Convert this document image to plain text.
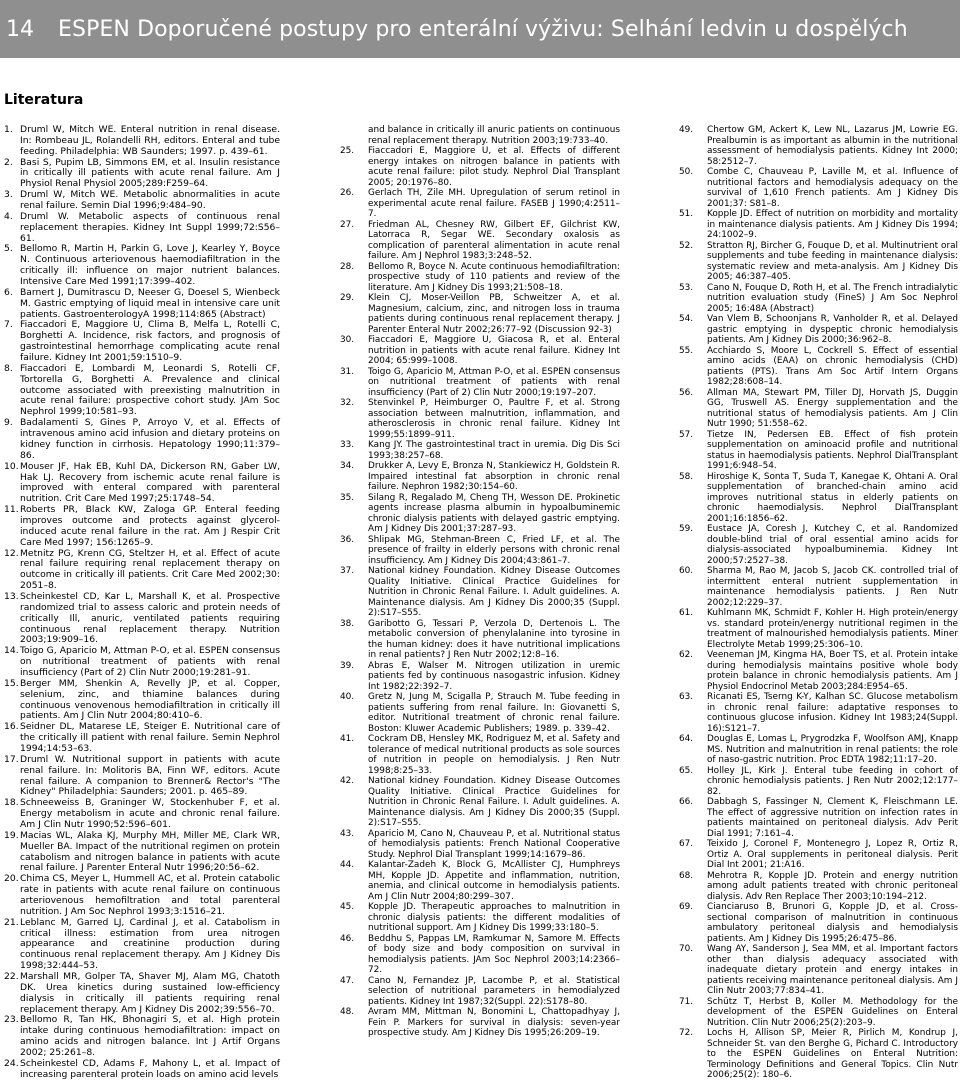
14	ESPEN Doporučené postupy pro enterální výživu: Selhání ledvin u dospělých
Literatura
1. Druml W, Mitch WE. Enteral nutrition in renal disease. In: Rombeau JL, Rolandelli RH, editors. Enteral and tube feeding. Philadelphia: WB Saunders; 1997. p. 439–61.
2. Basi S, Pupim LB, Simmons EM, et al. Insulin resistance in critically ill patients with acute renal failure. Am J Physiol Renal Physiol 2005;289:F259–64.
3. Druml W, Mitch WE. Metabolic abnormalities in acute renal failure. Semin Dial 1996;9:484–90.
4. Druml W. Metabolic aspects of continuous renal replacement therapies. Kidney Int Suppl 1999;72:S56–61.
5. Bellomo R, Martin H, Parkin G, Love J, Kearley Y, Boyce N. Continuous arteriovenous haemodiafiltration in the critically ill: influence on major nutrient balances. Intensive Care Med 1991;17:399–402.
6. Barnert J, Dumitrascu D, Neeser G, Doesel S, Wienbeck M. Gastric emptying of liquid meal in intensive care unit patients. GastroenterologyA 1998;114:865 (Abstract)
7. Fiaccadori E, Maggiore U, Clima B, Melfa L, Rotelli C, Borghetti A. Incidence, risk factors, and prognosis of gastrointestinal hemorrhage complicating acute renal failure. Kidney Int 2001;59:1510–9.
8. Fiaccadori E, Lombardi M, Leonardi S, Rotelli CF, Tortorella G, Borghetti A. Prevalence and clinical outcome associated with preexisting malnutrition in acute renal failure: prospective cohort study. JAm Soc Nephrol 1999;10:581–93.
9. Badalamenti S, Gines P, Arroyo V, et al. Effects of intravenous amino acid infusion and dietary proteins on kidney function in cirrhosis. Hepatology 1990;11:379–86.
10. Mouser JF, Hak EB, Kuhl DA, Dickerson RN, Gaber LW, Hak LJ. Recovery from ischemic acute renal failure is improved with enteral compared with parenteral nutrition. Crit Care Med 1997;25:1748–54.
11. Roberts PR, Black KW, Zaloga GP. Enteral feeding improves outcome and protects against glycerol-induced acute renal failure in the rat. Am J Respir Crit Care Med 1997; 156:1265–9.
12. Metnitz PG, Krenn CG, Steltzer H, et al. Effect of acute renal failure requiring renal replacement therapy on outcome in critically ill patients. Crit Care Med 2002;30: 2051–8.
13. Scheinkestel CD, Kar L, Marshall K, et al. Prospective randomized trial to assess caloric and protein needs of critically Ill, anuric, ventilated patients requiring continuous renal replacement therapy. Nutrition 2003;19:909–16.
14. Toigo G, Aparicio M, Attman P-O, et al. ESPEN consensus on nutritional treatment of patients with renal insufficiency (Part of 2) Clin Nutr 2000;19:281–91.
15. Berger MM, Shenkin A, Revelly JP, et al. Copper, selenium, zinc, and thiamine balances during continuous venovenous hemodiafiltration in critically ill patients. Am J Clin Nutr 2004;80:410–6.
16. Seidner DL, Matarese LE, Steiger E. Nutritional care of the critically ill patient with renal failure. Semin Nephrol 1994;14:53–63.
17. Druml W. Nutritional support in patients with acute renal failure. In: Molitoris BA, Finn WF, editors. Acute renal failure. A companion to Brenner& Rector's "The Kidney" Philadelphia: Saunders; 2001. p. 465–89.
18. Schneeweiss B, Graninger W, Stockenhuber F, et al. Energy metabolism in acute and chronic renal failure. Am J Clin Nutr 1990;52:596–601.
19. Macias WL, Alaka KJ, Murphy MH, Miller ME, Clark WR, Mueller BA. Impact of the nutritional regimen on protein catabolism and nitrogen balance in patients with acute renal failure. J Parenter Enteral Nutr 1996;20:56–62.
20. Chima CS, Meyer L, Hummell AC, et al. Protein catabolic rate in patients with acute renal failure on continuous arteriovenous hemofiltration and total parenteral nutrition. J Am Soc Nephrol 1993;3:1516–21.
21. Leblanc M, Garred LJ, Cardinal J, et al. Catabolism in critical illness: estimation from urea nitrogen appearance and creatinine production during continuous renal replacement therapy. Am J Kidney Dis 1998;32:444–53.
22. Marshall MR, Golper TA, Shaver MJ, Alam MG, Chatoth DK. Urea kinetics during sustained low-efficiency dialysis in critically ill patients requiring renal replacement therapy. Am J Kidney Dis 2002;39:556–70.
23. Bellomo R, Tan HK, Bhonagiri S, et al. High protein intake during continuous hemodiafiltration: impact on amino acids and nitrogen balance. Int J Artif Organs 2002; 25:261–8.
24. Scheinkestel CD, Adams F, Mahony L, et al. Impact of increasing parenteral protein loads on amino acid levels
and balance in critically ill anuric patients on continuous renal replacement therapy. Nutrition 2003;19:733–40.
25.	Fiaccadori E, Maggiore U, et al. Effects of different energy intakes on nitrogen balance in patients with acute renal failure: pilot study. Nephrol Dial Transplant 2005; 20:1976–80.
26.	Gerlach TH, Zile MH. Upregulation of serum retinol in experimental acute renal failure. FASEB J 1990;4:2511–7.
27.	Friedman AL, Chesney RW, Gilbert EF, Gilchrist KW, Latorraca R, Segar WE. Secondary oxalosis as complication of parenteral alimentation in acute renal failure. Am J Nephrol 1983;3:248–52.
28.	Bellomo R, Boyce N. Acute continuous hemodiafiltration: prospective study of 110 patients and review of the literature. Am J Kidney Dis 1993;21:508–18.
29.	Klein CJ, Moser-Veillon PB, Schweitzer A, et al. Magnesium, calcium, zinc, and nitrogen loss in trauma patients during continuous renal replacement therapy. J Parenter Enteral Nutr 2002;26:77–92 (Discussion 92-3)
30.	Fiaccadori E, Maggiore U, Giacosa R, et al. Enteral nutrition in patients with acute renal failure. Kidney Int 2004; 65:999–1008.
31.	Toigo G, Aparicio M, Attman P-O, et al. ESPEN consensus on nutritional treatment of patients with renal insufficiency (Part of 2) Clin Nutr 2000;19:197–207.
32.	Stenvinkel P, Heimburger O, Paultre F, et al. Strong association between malnutrition, inflammation, and atherosclerosis in chronic renal failure. Kidney Int 1999;55:1899–911.
33.	Kang JY. The gastrointestinal tract in uremia. Dig Dis Sci 1993;38:257–68.
34.	Drukker A, Levy E, Bronza N, Stankiewicz H, Goldstein R. Impaired intestinal fat absorption in chronic renal failure. Nephron 1982;30:154–60.
35.	Silang R, Regalado M, Cheng TH, Wesson DE. Prokinetic agents increase plasma albumin in hypoalbuminemic chronic dialysis patients with delayed gastric emptying. Am J Kidney Dis 2001;37:287–93.
36.	Shlipak MG, Stehman-Breen C, Fried LF, et al. The presence of frailty in elderly persons with chronic renal insufficiency. Am J Kidney Dis 2004;43:861–7.
37.	National kidney Foundation. Kidney Disease Outcomes Quality Initiative. Clinical Practice Guidelines for Nutrition in Chronic Renal Failure. I. Adult guidelines. A. Maintenance dialysis. Am J Kidney Dis 2000;35 (Suppl. 2):S17–S55.
38.	Garibotto G, Tessari P, Verzola D, Dertenois L. The metabolic conversion of phenylalanine into tyrosine in the human kidney: does it have nutritional implications in renal patients? J Ren Nutr 2002;12:8–16.
39.	Abras E, Walser M. Nitrogen utilization in uremic patients fed by continuous nasogastric infusion. Kidney Int 1982;22:392–7.
40.	Gretz N, Jung M, Scigalla P, Strauch M. Tube feeding in patients suffering from renal failure. In: Giovanetti S, editor. Nutritional treatment of chronic renal failure. Boston: Kluwer Academic Publishers; 1989. p. 339–42.
41.	Cockram DB, Hensley MK, Rodriguez M, et al. Safety and tolerance of medical nutritional products as sole sources of nutrition in people on hemodialysis. J Ren Nutr 1998;8:25–33.
42.	National kidney Foundation. Kidney Disease Outcomes Quality Initiative. Clinical Practice Guidelines for Nutrition in Chronic Renal Failure. I. Adult guidelines. A. Maintenance dialysis. Am J Kidney Dis 2000;35 (Suppl. 2):S17–S55.
43.	Aparicio M, Cano N, Chauveau P, et al. Nutritional status of hemodialysis patients: French National Cooperative Study. Nephrol Dial Transplant 1999;14:1679–86.
44.	Kalantar-Zadeh K, Block G, McAllister CJ, Humphreys MH, Kopple JD. Appetite and inflammation, nutrition, anemia, and clinical outcome in hemodialysis patients. Am J Clin Nutr 2004;80:299–307.
45.	Kopple JD. Therapeutic approaches to malnutrition in chronic dialysis patients: the different modalities of nutritional support. Am J Kidney Dis 1999;33:180–5.
46.	Beddhu S, Pappas LM, Ramkumar N, Samore M. Effects of body size and body composition on survival in hemodialysis patients. JAm Soc Nephrol 2003;14:2366–72.
47.	Cano N, Fernandez JP, Lacombe P, et al. Statistical selection of nutritional parameters in hemodialyzed patients. Kidney Int 1987;32(Suppl. 22):S178–80.
48.	Avram MM, Mittman N, Bonomini L, Chattopadhyay J, Fein P. Markers for survival in dialysis: seven-year prospective study. Am J Kidney Dis 1995;26:209–19.
49.	Chertow GM, Ackert K, Lew NL, Lazarus JM, Lowrie EG. Prealbumin is as important as albumin in the nutritional assessment of hemodialysis patients. Kidney Int 2000; 58:2512–7.
50.	Combe C, Chauveau P, Laville M, et al. Influence of nutritional factors and hemodialysis adequacy on the survival of 1,610 French patients. Am J Kidney Dis 2001;37: S81–8.
51.	Kopple JD. Effect of nutrition on morbidity and mortality in maintenance dialysis patients. Am J Kidney Dis 1994; 24:1002–9.
52.	Stratton RJ, Bircher G, Fouque D, et al. Multinutrient oral supplements and tube feeding in maintenance dialysis: systematic review and meta-analysis. Am J Kidney Dis 2005; 46:387–405.
53.	Cano N, Fouque D, Roth H, et al. The French intradialytic nutrition evaluation study (FineS) J Am Soc Nephrol 2005; 16:48A (Abstract)
54.	Van Vlem B, Schoonjans R, Vanholder R, et al. Delayed gastric emptying in dyspeptic chronic hemodialysis patients. Am J Kidney Dis 2000;36:962–8.
55.	Acchiardo S, Moore L, Cockrell S. Effect of essential amino acids (EAA) on chronic hemodialysis (CHD) patients (PTS). Trans Am Soc Artif Intern Organs 1982;28:608–14.
56.	Allman MA, Stewart PM, Tiller DJ, Horvath JS, Duggin GG, Truswell AS. Energy supplementation and the nutritional status of hemodialysis patients. Am J Clin Nutr 1990; 51:558–62.
57.	Tietze IN, Pedersen EB. Effect of fish protein supplementation on aminoacid profile and nutritional status in haemodialysis patients. Nephrol DialTransplant 1991;6:948–54.
58.	Hiroshige K, Sonta T, Suda T, Kanegae K, Ohtani A. Oral supplementation of branched-chain amino acid improves nutritional status in elderly patients on chronic haemodialysis. Nephrol DialTransplant 2001;16:1856–62.
59.	Eustace JA, Coresh J, Kutchey C, et al. Randomized double-blind trial of oral essential amino acids for dialysis-associated hypoalbuminemia. Kidney Int 2000;57:2527–38.
60.	Sharma M, Rao M, Jacob S, Jacob CK. controlled trial of intermittent enteral nutrient supplementation in maintenance hemodialysis patients. J Ren Nutr 2002;12:229–37.
61.	Kuhlmann MK, Schmidt F, Kohler H. High protein/energy vs. standard protein/energy nutritional regimen in the treatment of malnourished hemodialysis patients. Miner Electrolyte Metab 1999;25:306–10.
62.	Veeneman JM, Kingma HA, Boer TS, et al. Protein intake during hemodialysis maintains positive whole body protein balance in chronic hemodialysis patients. Am J Physiol Endocrinol Metab 2003;284:E954–65.
63.	Ricanati ES, Tserng K-Y, Kalhan SC. Glucose metabolism in chronic renal failure: adaptative responses to continuous glucose infusion. Kidney Int 1983;24(Suppl. 16):S121–7.
64.	Douglas E, Lomas L, Prygrodzka F, Woolfson AMJ, Knapp MS. Nutrition and malnutrition in renal patients: the role of naso-gastric nutrition. Proc EDTA 1982;11:17–20.
65.	Holley JL, Kirk J. Enteral tube feeding in cohort of chronic hemodialysis patients. J Ren Nutr 2002;12:177–82.
66.	Dabbagh S, Fassinger N, Clement K, Fleischmann LE. The effect of aggressive nutrition on infection rates in patients maintained on peritoneal dialysis. Adv Perit Dial 1991; 7:161–4.
67.	Teixido J, Coronel F, Montenegro J, Lopez R, Ortiz R, Ortiz A. Oral supplements in peritoneal dialysis. Perit Dial Int 2001; 21:A16.
68.	Mehrotra R, Kopple JD. Protein and energy nutrition among adult patients treated with chronic peritoneal dialysis. Adv Ren Replace Ther 2003;10:194–212.
69.	Cianciaruso B, Brunori G, Kopple JD, et al. Cross-sectional comparison of malnutrition in continuous ambulatory peritoneal dialysis and hemodialysis patients. Am J Kidney Dis 1995;26:475–86.
70.	Wang AY, Sanderson J, Sea MM, et al. Important factors other than dialysis adequacy associated with inadequate dietary protein and energy intakes in patients receiving maintenance peritoneal dialysis. Am J Clin Nutr 2003;77:834–41.
71.	Schütz T, Herbst B, Koller M. Methodology for the development of the ESPEN Guidelines on Enteral Nutrition. Clin Nutr 2006;25(2):203–9.
72.	Lochs H, Allison SP, Meier R, Pirlich M, Kondrup J, Schneider St. van den Berghe G, Pichard C. Introductory to the ESPEN Guidelines on Enteral Nutrition: Terminology Definitions and General Topics. Clin Nutr 2006;25(2): 180–6.
